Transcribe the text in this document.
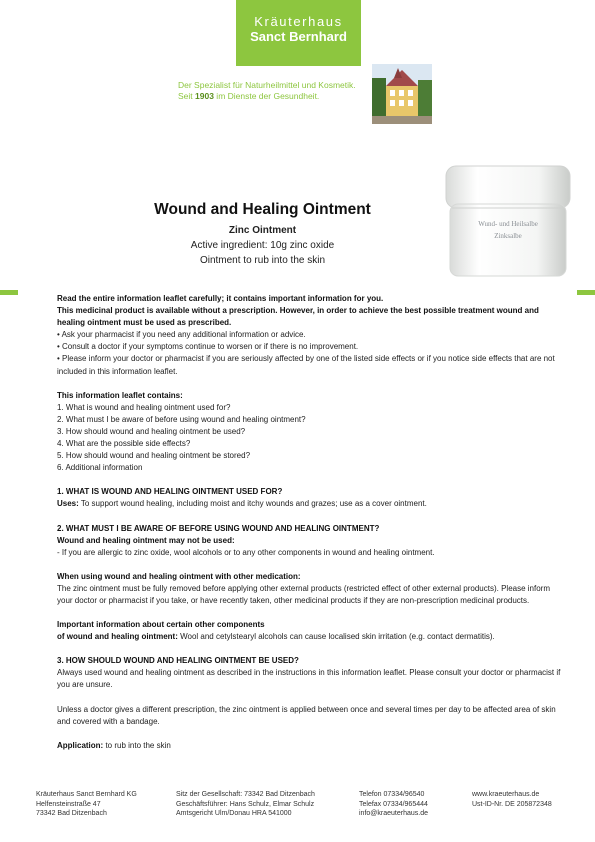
Kräuterhaus
Sanct Bernhard
Der Spezialist für Naturheilmittel und Kosmetik.
Seit 1903 im Dienste der Gesundheit.
Wund- und Heilsalbe
Zinksalbe
Wound and Healing Ointment
Zinc Ointment
Active ingredient: 10g zinc oxide
Ointment to rub into the skin

Read the entire information leaflet carefully; it contains important information for you.

This medicinal product is available without a prescription. However, in order to achieve the best possible treatment wound and healing ointment must be used as prescribed.

• Ask your pharmacist if you need any additional information or advice.

• Consult a doctor if your symptoms continue to worsen or if there is no improvement.

• Please inform your doctor or pharmacist if you are seriously affected by one of the listed side effects or if you notice side effects that are not included in this information leaflet.

This information leaflet contains:

1. What is wound and healing ointment used for?

2. What must I be aware of before using wound and healing ointment?

3. How should wound and healing ointment be used?

4. What are the possible side effects?

5. How should wound and healing ointment be stored?

6. Additional information

1. WHAT IS WOUND AND HEALING OINTMENT USED FOR?

Uses: To support wound healing, including moist and itchy wounds and grazes; use as a cover ointment.

2. WHAT MUST I BE AWARE OF BEFORE USING WOUND AND HEALING OINTMENT?

Wound and healing ointment may not be used:

- If you are allergic to zinc oxide, wool alcohols or to any other components in wound and healing ointment.

When using wound and healing ointment with other medication:

The zinc ointment must be fully removed before applying other external products (restricted effect of other external products). Please inform your doctor or pharmacist if you take, or have recently taken, other medicinal products if they are non-prescription medicinal products.

Important information about certain other components

of wound and healing ointment: Wool and cetylstearyl alcohols can cause localised skin irritation (e.g. contact dermatitis).

3. HOW SHOULD WOUND AND HEALING OINTMENT BE USED?

Always used wound and healing ointment as described in the instructions in this information leaflet. Please consult your doctor or pharmacist if you are unsure.

Unless a doctor gives a different prescription, the zinc ointment is applied between once and several times per day to be affected area of skin and covered with a bandage.

Application: to rub into the skin

Kräuterhaus Sanct Bernhard KG
Helfensteinstraße 47
73342 Bad Ditzenbach
Sitz der Gesellschaft: 73342 Bad Ditzenbach
Geschäftsführer: Hans Schulz, Elmar Schulz
Amtsgericht Ulm/Donau HRA 541000
Telefon 07334/96540
Telefax 07334/965444
info@kraeuterhaus.de
www.kraeuterhaus.de
Ust-ID-Nr. DE 205872348
